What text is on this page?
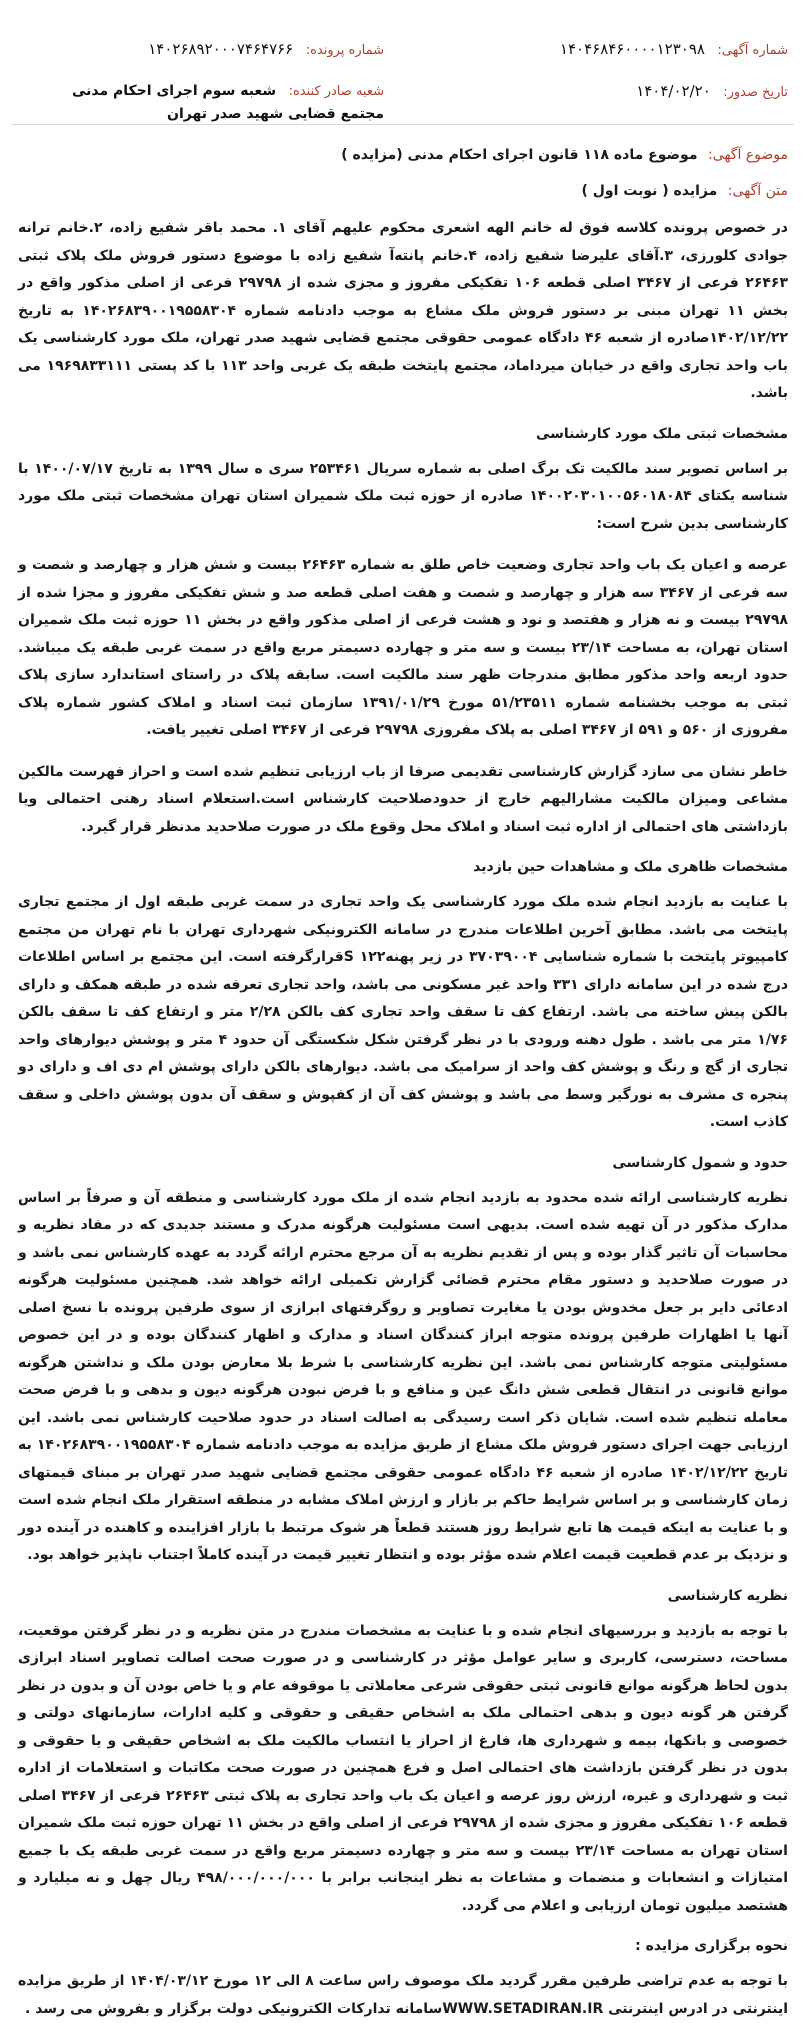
شماره آگهی: ۱۴۰۴۶۸۴۶۰۰۰۰۱۲۳۰۹۸
شماره پرونده: ۱۴۰۲۶۸۹۲۰۰۰۷۴۶۴۷۶۶
تاریخ صدور: ۱۴۰۴/۰۲/۲۰
شعبه صادر کننده: شعبه سوم اجرای احکام مدنی مجتمع قضایی شهید صدر تهران
موضوع آگهی: موضوع ماده ۱۱۸ قانون اجرای احکام مدنی (مزایده )
متن آگهی: مزایده ( نوبت اول )

در خصوص پرونده کلاسه فوق له خانم الهه اشعری محکوم علیهم آقای ۱. محمد باقر شفیع زاده، ۲.خانم ترانه جوادی کلورزی، ۳.آقای علیرضا شفیع زاده، ۴.خانم پانته‌آ شفیع زاده با موضوع دستور فروش ملک پلاک ثبتی ۲۶۴۶۳ فرعی از ۳۴۶۷ اصلی قطعه ۱۰۶ تفکیکی مفروز و مجزی شده از ۲۹۷۹۸ فرعی از اصلی مذکور واقع در بخش ۱۱ تهران مبنی بر دستور فروش ملک مشاع به موجب دادنامه شماره ۱۴۰۲۶۸۳۹۰۰۱۹۵۵۸۳۰۴ به تاریخ ۱۴۰۲/۱۲/۲۲صادره از شعبه ۴۶ دادگاه عمومی حقوقی مجتمع قضایی شهید صدر تهران، ملک مورد کارشناسی یک باب واحد تجاری واقع در خیابان میرداماد، مجتمع پایتخت طبقه یک غربی واحد ۱۱۳ با کد پستی ۱۹۶۹۸۳۳۱۱۱ می باشد.

مشخصات ثبتی ملک مورد کارشناسی

بر اساس تصویر سند مالکیت تک برگ اصلی به شماره سریال ۲۵۳۴۶۱ سری ه سال ۱۳۹۹ به تاریخ ۱۴۰۰/۰۷/۱۷ با شناسه یکتای ۱۴۰۰۲۰۳۰۱۰۰۵۶۰۱۸۰۸۴ صادره از حوزه ثبت ملک شمیران استان تهران مشخصات ثبتی ملک مورد کارشناسی بدین شرح است:

عرصه و اعیان یک باب واحد تجاری وضعیت خاص طلق به شماره ۲۶۴۶۳ بیست و شش هزار و چهارصد و شصت و سه فرعی از ۳۴۶۷ سه هزار و چهارصد و شصت و هفت اصلی قطعه صد و شش تفکیکی مفروز و مجزا شده از ۲۹۷۹۸ بیست و نه هزار و هفتصد و نود و هشت فرعی از اصلی مذکور واقع در بخش ۱۱ حوزه ثبت ملک شمیران استان تهران، به مساحت ۲۳/۱۴ بیست و سه متر و چهارده دسیمتر مربع واقع در سمت غربی طبقه یک میباشد. حدود اربعه واحد مذکور مطابق مندرجات ظهر سند مالکیت است. سابقه پلاک در راستای استاندارد سازی پلاک ثبتی به موجب بخشنامه شماره ۵۱/۲۳۵۱۱ مورخ ۱۳۹۱/۰۱/۲۹ سازمان ثبت اسناد و املاک کشور شماره پلاک مفروزی از ۵۶۰ و ۵۹۱ از ۳۴۶۷ اصلی به پلاک مفروزی ۲۹۷۹۸ فرعی از ۳۴۶۷ اصلی تغییر یافت.

خاطر نشان می سازد گزارش کارشناسی تقدیمی صرفا از باب ارزیابی تنظیم شده است و احراز فهرست مالکین مشاعی ومیزان مالکیت مشارالیهم خارج از حدودصلاحیت کارشناس است.استعلام اسناد رهنی احتمالی ویا بازداشتی های احتمالی از اداره ثبت اسناد و املاک محل وقوع ملک در صورت صلاحدید مدنظر قرار گیرد.

مشخصات ظاهری ملک و مشاهدات حین بازدید

با عنایت به بازدید انجام شده ملک مورد کارشناسی یک واحد تجاری در سمت غربی طبقه اول از مجتمع تجاری پایتخت می باشد. مطابق آخرین اطلاعات مندرج در سامانه الکترونیکی شهرداری تهران با نام تهران من مجتمع کامپیوتر پایتخت با شماره شناسایی ۳۷۰۳۹۰۰۴ در زیر پهنه۱۲۲ Sقرارگرفته است. این مجتمع بر اساس اطلاعات درج شده در این سامانه دارای ۳۳۱ واحد غیر مسکونی می باشد، واحد تجاری تعرفه شده در طبقه همکف و دارای بالکن پیش ساخته می باشد. ارتفاع کف تا سقف واحد تجاری کف بالکن ۲/۲۸ متر و ارتفاع کف تا سقف بالکن ۱/۷۶ متر می باشد . طول دهنه ورودی با در نظر گرفتن شکل شکستگی آن حدود ۴ متر و پوشش دیوارهای واحد تجاری از گچ و رنگ و پوشش کف واحد از سرامیک می باشد. دیوارهای بالکن دارای پوشش ام دی اف و دارای دو پنجره ی مشرف به نورگیر وسط می باشد و پوشش کف آن از کفپوش و سقف آن بدون پوشش داخلی و سقف کاذب است.

حدود و شمول کارشناسی

نظریه کارشناسی ارائه شده محدود به بازدید انجام شده از ملک مورد کارشناسی و منطقه آن و صرفاً بر اساس مدارک مذکور در آن تهیه شده است. بدیهی است مسئولیت هرگونه مدرک و مستند جدیدی که در مفاد نظریه و محاسبات آن تاثیر گذار بوده و پس از تقدیم نظریه به آن مرجع محترم ارائه گردد به عهده کارشناس نمی باشد و در صورت صلاحدید و دستور مقام محترم قضائی گزارش تکمیلی ارائه خواهد شد. همچنین مسئولیت هرگونه ادعائی دایر بر جعل مخدوش بودن یا مغایرت تصاویر و روگرفتهای ابرازی از سوی طرفین پرونده با نسخ اصلی آنها یا اظهارات طرفین پرونده متوجه ابراز کنندگان اسناد و مدارک و اظهار کنندگان بوده و در این خصوص مسئولیتی متوجه کارشناس نمی باشد. این نظریه کارشناسی با شرط بلا معارض بودن ملک و نداشتن هرگونه موانع قانونی در انتقال قطعی شش دانگ عین و منافع و با فرض نبودن هرگونه دیون و بدهی و با فرض صحت معامله تنظیم شده است. شایان ذکر است رسیدگی به اصالت اسناد در حدود صلاحیت کارشناس نمی باشد. این ارزیابی جهت اجرای دستور فروش ملک مشاع از طریق مزایده به موجب دادنامه شماره ۱۴۰۲۶۸۳۹۰۰۱۹۵۵۸۳۰۴ به تاریخ ۱۴۰۲/۱۲/۲۲ صادره از شعبه ۴۶ دادگاه عمومی حقوقی مجتمع قضایی شهید صدر تهران بر مبنای قیمتهای زمان کارشناسی و بر اساس شرایط حاکم بر بازار و ارزش املاک مشابه در منطقه استقرار ملک انجام شده است و با عنایت به اینکه قیمت ها تابع شرایط روز هستند قطعاً هر شوک مرتبط با بازار افزاینده و کاهنده در آینده دور و نزدیک بر عدم قطعیت قیمت اعلام شده مؤثر بوده و انتظار تغییر قیمت در آینده کاملاً اجتناب ناپذیر خواهد بود.

نظریه کارشناسی

با توجه به بازدید و بررسیهای انجام شده و با عنایت به مشخصات مندرج در متن نظریه و در نظر گرفتن موقعیت، مساحت، دسترسی، کاربری و سایر عوامل مؤثر در کارشناسی و در صورت صحت اصالت تصاویر اسناد ابرازی بدون لحاظ هرگونه موانع قانونی ثبتی حقوقی شرعی معاملاتی یا موقوفه عام و یا خاص بودن آن و بدون در نظر گرفتن هر گونه دیون و بدهی احتمالی ملک به اشخاص حقیقی و حقوقی و کلیه ادارات، سازمانهای دولتی و خصوصی و بانکها، بیمه و شهرداری ها، فارغ از احراز یا انتساب مالکیت ملک به اشخاص حقیقی و یا حقوقی و بدون در نظر گرفتن بازداشت های احتمالی اصل و فرع همچنین در صورت صحت مکاتبات و استعلامات از اداره ثبت و شهرداری و غیره، ارزش روز عرصه و اعیان یک باب واحد تجاری به پلاک ثبتی ۲۶۴۶۳ فرعی از ۳۴۶۷ اصلی قطعه ۱۰۶ تفکیکی مفروز و مجزی شده از ۲۹۷۹۸ فرعی از اصلی واقع در بخش ۱۱ تهران حوزه ثبت ملک شمیران استان تهران به مساحت ۲۳/۱۴ بیست و سه متر و چهارده دسیمتر مربع واقع در سمت غربی طبقه یک با جمیع امتیازات و انشعابات و منضمات و مشاعات به نظر اینجانب برابر با ۴۹۸/۰۰۰/۰۰۰/۰۰۰ ریال چهل و نه میلیارد و هشتصد میلیون تومان ارزیابی و اعلام می گردد.

نحوه برگزاری مزایده :

با توجه به عدم تراضی طرفین مقرر گردید ملک موصوف راس ساعت ۸ الی ۱۲ مورخ ۱۴۰۴/۰۳/۱۲ از طریق مزایده اینترنتی در ادرس اینترنتی WWW.SETADIRAN.IRسامانه تدارکات الکترونیکی دولت برگزار و بفروش می رسد .
